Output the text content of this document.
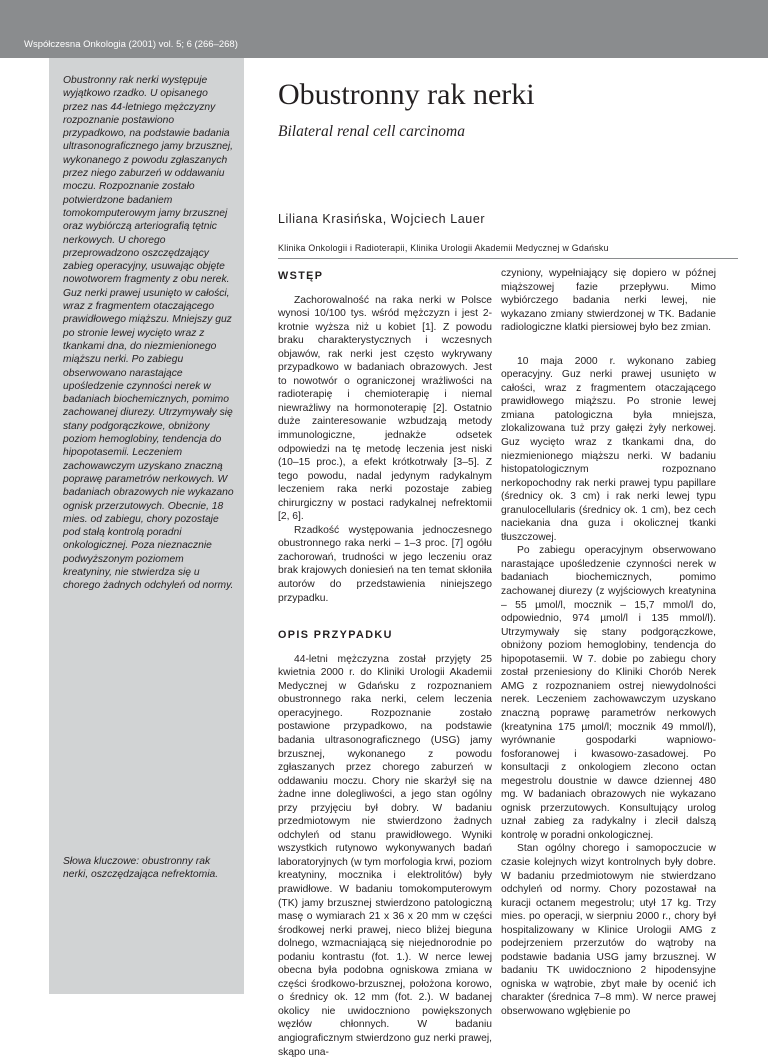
Współczesna Onkologia (2001) vol. 5; 6 (266–268)
Obustronny rak nerki występuje wyjątkowo rzadko. U opisanego przez nas 44-letniego mężczyzny rozpoznanie postawiono przypadkowo, na podstawie badania ultrasonograficznego jamy brzusznej, wykonanego z powodu zgłaszanych przez niego zaburzeń w oddawaniu moczu. Rozpoznanie zostało potwierdzone badaniem tomokomputerowym jamy brzusznej oraz wybiórczą arteriografią tętnic nerkowych. U chorego przeprowadzono oszczędzający zabieg operacyjny, usuwając objęte nowotworem fragmenty z obu nerek. Guz nerki prawej usunięto w całości, wraz z fragmentem otaczającego prawidłowego miąższu. Mniejszy guz po stronie lewej wycięto wraz z tkankami dna, do niezmienionego miąższu nerki. Po zabiegu obserwowano narastające upośledzenie czynności nerek w badaniach biochemicznych, pomimo zachowanej diurezy. Utrzymywały się stany podgorączkowe, obniżony poziom hemoglobiny, tendencja do hipopotasemii. Leczeniem zachowawczym uzyskano znaczną poprawę parametrów nerkowych. W badaniach obrazowych nie wykazano ognisk przerzutowych. Obecnie, 18 mies. od zabiegu, chory pozostaje pod stałą kontrolą poradni onkologicznej. Poza nieznacznie podwyższonym poziomem kreatyniny, nie stwierdza się u chorego żadnych odchyleń od normy.
Słowa kluczowe: obustronny rak nerki, oszczędzająca nefrektomia.
Obustronny rak nerki
Bilateral renal cell carcinoma
Liliana Krasińska, Wojciech Lauer
Klinika Onkologii i Radioterapii, Klinika Urologii Akademii Medycznej w Gdańsku
WSTĘP

Zachorowalność na raka nerki w Polsce wynosi 10/100 tys. wśród mężczyzn i jest 2-krotnie wyższa niż u kobiet [1]. Z powodu braku charakterystycznych i wczesnych objawów, rak nerki jest często wykrywany przypadkowo w badaniach obrazowych. Jest to nowotwór o ograniczonej wrażliwości na radioterapię i chemioterapię i niemal niewrażliwy na hormonoterapię [2]. Ostatnio duże zainteresowanie wzbudzają metody immunologiczne, jednakże odsetek odpowiedzi na tę metodę leczenia jest niski (10–15 proc.), a efekt krótkotrwały [3–5]. Z tego powodu, nadal jedynym radykalnym leczeniem raka nerki pozostaje zabieg chirurgiczny w postaci radykalnej nefrektomii [2, 6].

Rzadkość występowania jednoczesnego obustronnego raka nerki – 1–3 proc. [7] ogółu zachorowań, trudności w jego leczeniu oraz brak krajowych doniesień na ten temat skłoniła autorów do przedstawienia niniejszego przypadku.

OPIS PRZYPADKU

44-letni mężczyzna został przyjęty 25 kwietnia 2000 r. do Kliniki Urologii Akademii Medycznej w Gdańsku z rozpoznaniem obustronnego raka nerki, celem leczenia operacyjnego. Rozpoznanie zostało postawione przypadkowo, na podstawie badania ultrasonograficznego (USG) jamy brzusznej, wykonanego z powodu zgłaszanych przez chorego zaburzeń w oddawaniu moczu. Chory nie skarżył się na żadne inne dolegliwości, a jego stan ogólny przy przyjęciu był dobry. W badaniu przedmiotowym nie stwierdzono żadnych odchyleń od stanu prawidłowego. Wyniki wszystkich rutynowo wykonywanych badań laboratoryjnych (w tym morfologia krwi, poziom kreatyniny, mocznika i elektrolitów) były prawidłowe. W badaniu tomokomputerowym (TK) jamy brzusznej stwierdzono patologiczną masę o wymiarach 21 x 36 x 20 mm w części środkowej nerki prawej, nieco bliżej bieguna dolnego, wzmacniającą się niejednorodnie po podaniu kontrastu (fot. 1.). W nerce lewej obecna była podobna ogniskowa zmiana w części środkowo-brzusznej, położona korowo, o średnicy ok. 12 mm (fot. 2.). W badanej okolicy nie uwidoczniono powiększonych węzłów chłonnych. W badaniu angiograficznym stwierdzono guz nerki prawej, skąpo una-

czyniony, wypełniający się dopiero w późnej miąższowej fazie przepływu. Mimo wybiórczego badania nerki lewej, nie wykazano zmiany stwierdzonej w TK. Badanie radiologiczne klatki piersiowej było bez zmian.

10 maja 2000 r. wykonano zabieg operacyjny. Guz nerki prawej usunięto w całości, wraz z fragmentem otaczającego prawidłowego miąższu. Po stronie lewej zmiana patologiczna była mniejsza, zlokalizowana tuż przy gałęzi żyły nerkowej. Guz wycięto wraz z tkankami dna, do niezmienionego miąższu nerki. W badaniu histopatologicznym rozpoznano nerkopochodny rak nerki prawej typu papillare (średnicy ok. 3 cm) i rak nerki lewej typu granulocellularis (średnicy ok. 1 cm), bez cech naciekania dna guza i okolicznej tkanki tłuszczowej.

Po zabiegu operacyjnym obserwowano narastające upośledzenie czynności nerek w badaniach biochemicznych, pomimo zachowanej diurezy (z wyjściowych kreatynina – 55 µmol/l, mocznik – 15,7 mmol/l do, odpowiednio, 974 µmol/l i 135 mmol/l). Utrzymywały się stany podgorączkowe, obniżony poziom hemoglobiny, tendencja do hipopotasemii. W 7. dobie po zabiegu chory został przeniesiony do Kliniki Chorób Nerek AMG z rozpoznaniem ostrej niewydolności nerek. Leczeniem zachowawczym uzyskano znaczną poprawę parametrów nerkowych (kreatynina 175 µmol/l; mocznik 49 mmol/l), wyrównanie gospodarki wapniowo-fosforanowej i kwasowo-zasadowej. Po konsultacji z onkologiem zlecono octan megestrolu doustnie w dawce dziennej 480 mg. W badaniach obrazowych nie wykazano ognisk przerzutowych. Konsultujący urolog uznał zabieg za radykalny i zlecił dalszą kontrolę w poradni onkologicznej.

Stan ogólny chorego i samopoczucie w czasie kolejnych wizyt kontrolnych były dobre. W badaniu przedmiotowym nie stwierdzano odchyleń od normy. Chory pozostawał na kuracji octanem megestrolu; utył 17 kg. Trzy mies. po operacji, w sierpniu 2000 r., chory był hospitalizowany w Klinice Urologii AMG z podejrzeniem przerzutów do wątroby na podstawie badania USG jamy brzusznej. W badaniu TK uwidoczniono 2 hipodensyjne ogniska w wątrobie, zbyt małe by ocenić ich charakter (średnica 7–8 mm). W nerce prawej obserwowano wgłębienie po
